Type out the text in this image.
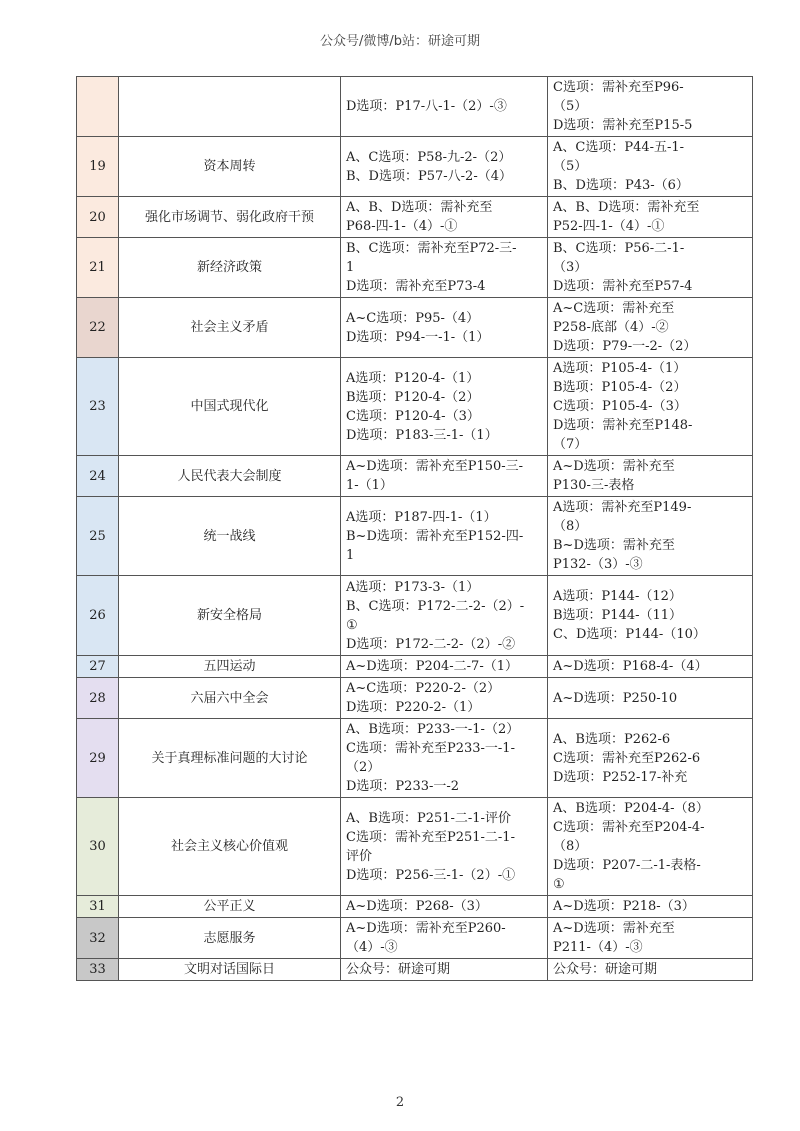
公众号/微博/b站：研途可期

		D选项：P17-八-1-（2）-③	C选项：需补充至P96-
（5）
D选项：需补充至P15-5

19	资本周转	A、C选项：P58-九-2-（2）
B、D选项：P57-八-2-（4）	A、C选项：P44-五-1-
（5）
B、D选项：P43-（6）

20	强化市场调节、弱化政府干预	A、B、D选项：需补充至
P68-四-1-（4）-①	A、B、D选项：需补充至
P52-四-1-（4）-①

21	新经济政策	B、C选项：需补充至P72-三-
1
D选项：需补充至P73-4	B、C选项：P56-二-1-
（3）
D选项：需补充至P57-4

22	社会主义矛盾	A~C选项：P95-（4）
D选项：P94-一-1-（1）	A~C选项：需补充至
P258-底部（4）-②
D选项：P79-一-2-（2）

23	中国式现代化	A选项：P120-4-（1）
B选项：P120-4-（2）
C选项：P120-4-（3）
D选项：P183-三-1-（1）	A选项：P105-4-（1）
B选项：P105-4-（2）
C选项：P105-4-（3）
D选项：需补充至P148-
（7）

24	人民代表大会制度	A~D选项：需补充至P150-三-
1-（1）	A~D选项：需补充至
P130-三-表格

25	统一战线	A选项：P187-四-1-（1）
B~D选项：需补充至P152-四-
1	A选项：需补充至P149-
（8）
B~D选项：需补充至
P132-（3）-③

26	新安全格局	A选项：P173-3-（1）
B、C选项：P172-二-2-（2）-
①
D选项：P172-二-2-（2）-②	A选项：P144-（12）
B选项：P144-（11）
C、D选项：P144-（10）

27	五四运动	A~D选项：P204-二-7-（1）	A~D选项：P168-4-（4）

28	六届六中全会	A~C选项：P220-2-（2）
D选项：P220-2-（1）	A~D选项：P250-10

29	关于真理标准问题的大讨论	A、B选项：P233-一-1-（2）
C选项：需补充至P233-一-1-
（2）
D选项：P233-一-2	A、B选项：P262-6
C选项：需补充至P262-6
D选项：P252-17-补充

30	社会主义核心价值观	A、B选项：P251-二-1-评价
C选项：需补充至P251-二-1-
评价
D选项：P256-三-1-（2）-①	A、B选项：P204-4-（8）
C选项：需补充至P204-4-
（8）
D选项：P207-二-1-表格-
①

31	公平正义	A~D选项：P268-（3）	A~D选项：P218-（3）

32	志愿服务	A~D选项：需补充至P260-
（4）-③	A~D选项：需补充至
P211-（4）-③

33	文明对话国际日	公众号：研途可期	公众号：研途可期
2
